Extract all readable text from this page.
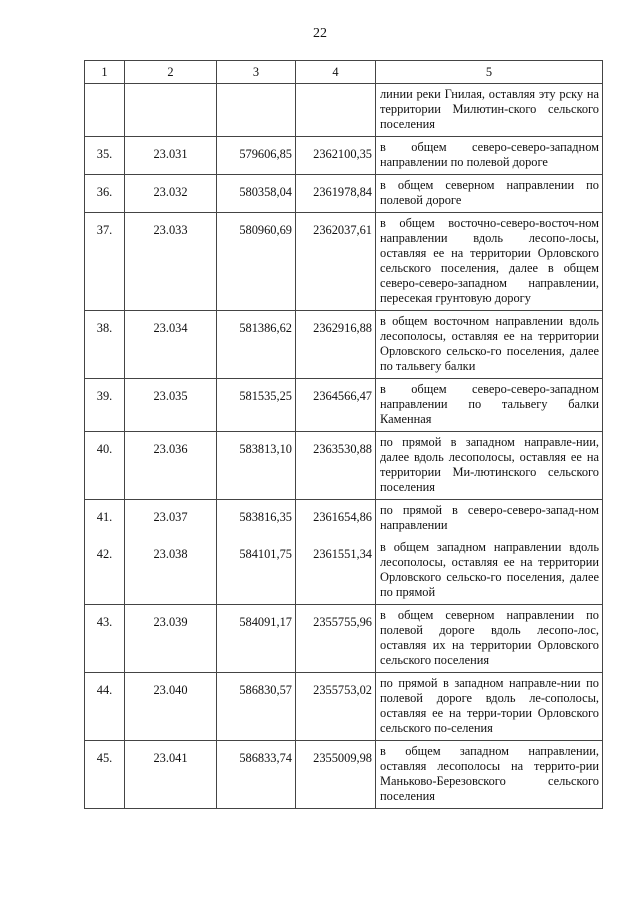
22
1	2	3	4	5
				линии реки Гнилая, оставляя эту рску на территории Милютин-ского сельского поселения
35.	23.031	579606,85	2362100,35	в общем северо-северо-западном направлении по полевой дороге
36.	23.032	580358,04	2361978,84	в общем северном направлении по полевой дороге
37.	23.033	580960,69	2362037,61	в общем восточно-северо-восточ-ном направлении вдоль лесопо-лосы, оставляя ее на территории Орловского сельского поселения, далее в общем северо-северо-западном направлении, пересекая грунтовую дорогу
38.	23.034	581386,62	2362916,88	в общем восточном направлении вдоль лесополосы, оставляя ее на территории Орловского сельско-го поселения, далее по тальвегу балки
39.	23.035	581535,25	2364566,47	в общем северо-северо-западном направлении по тальвегу балки Каменная
40.	23.036	583813,10	2363530,88	по прямой в западном направле-нии, далее вдоль лесополосы, оставляя ее на территории Ми-лютинского сельского поселения
41.	23.037	583816,35	2361654,86	по прямой в северо-северо-запад-ном направлении
42.	23.038	584101,75	2361551,34	в общем западном направлении вдоль лесополосы, оставляя ее на территории Орловского сельско-го поселения, далее по прямой
43.	23.039	584091,17	2355755,96	в общем северном направлении по полевой дороге вдоль лесопо-лос, оставляя их на территории Орловского сельского поселения
44.	23.040	586830,57	2355753,02	по прямой в западном направле-нии по полевой дороге вдоль ле-сополосы, оставляя ее на терри-тории Орловского сельского по-селения
45.	23.041	586833,74	2355009,98	в общем западном направлении, оставляя лесополосы на террито-рии Маньково-Березовского сельского поселения
